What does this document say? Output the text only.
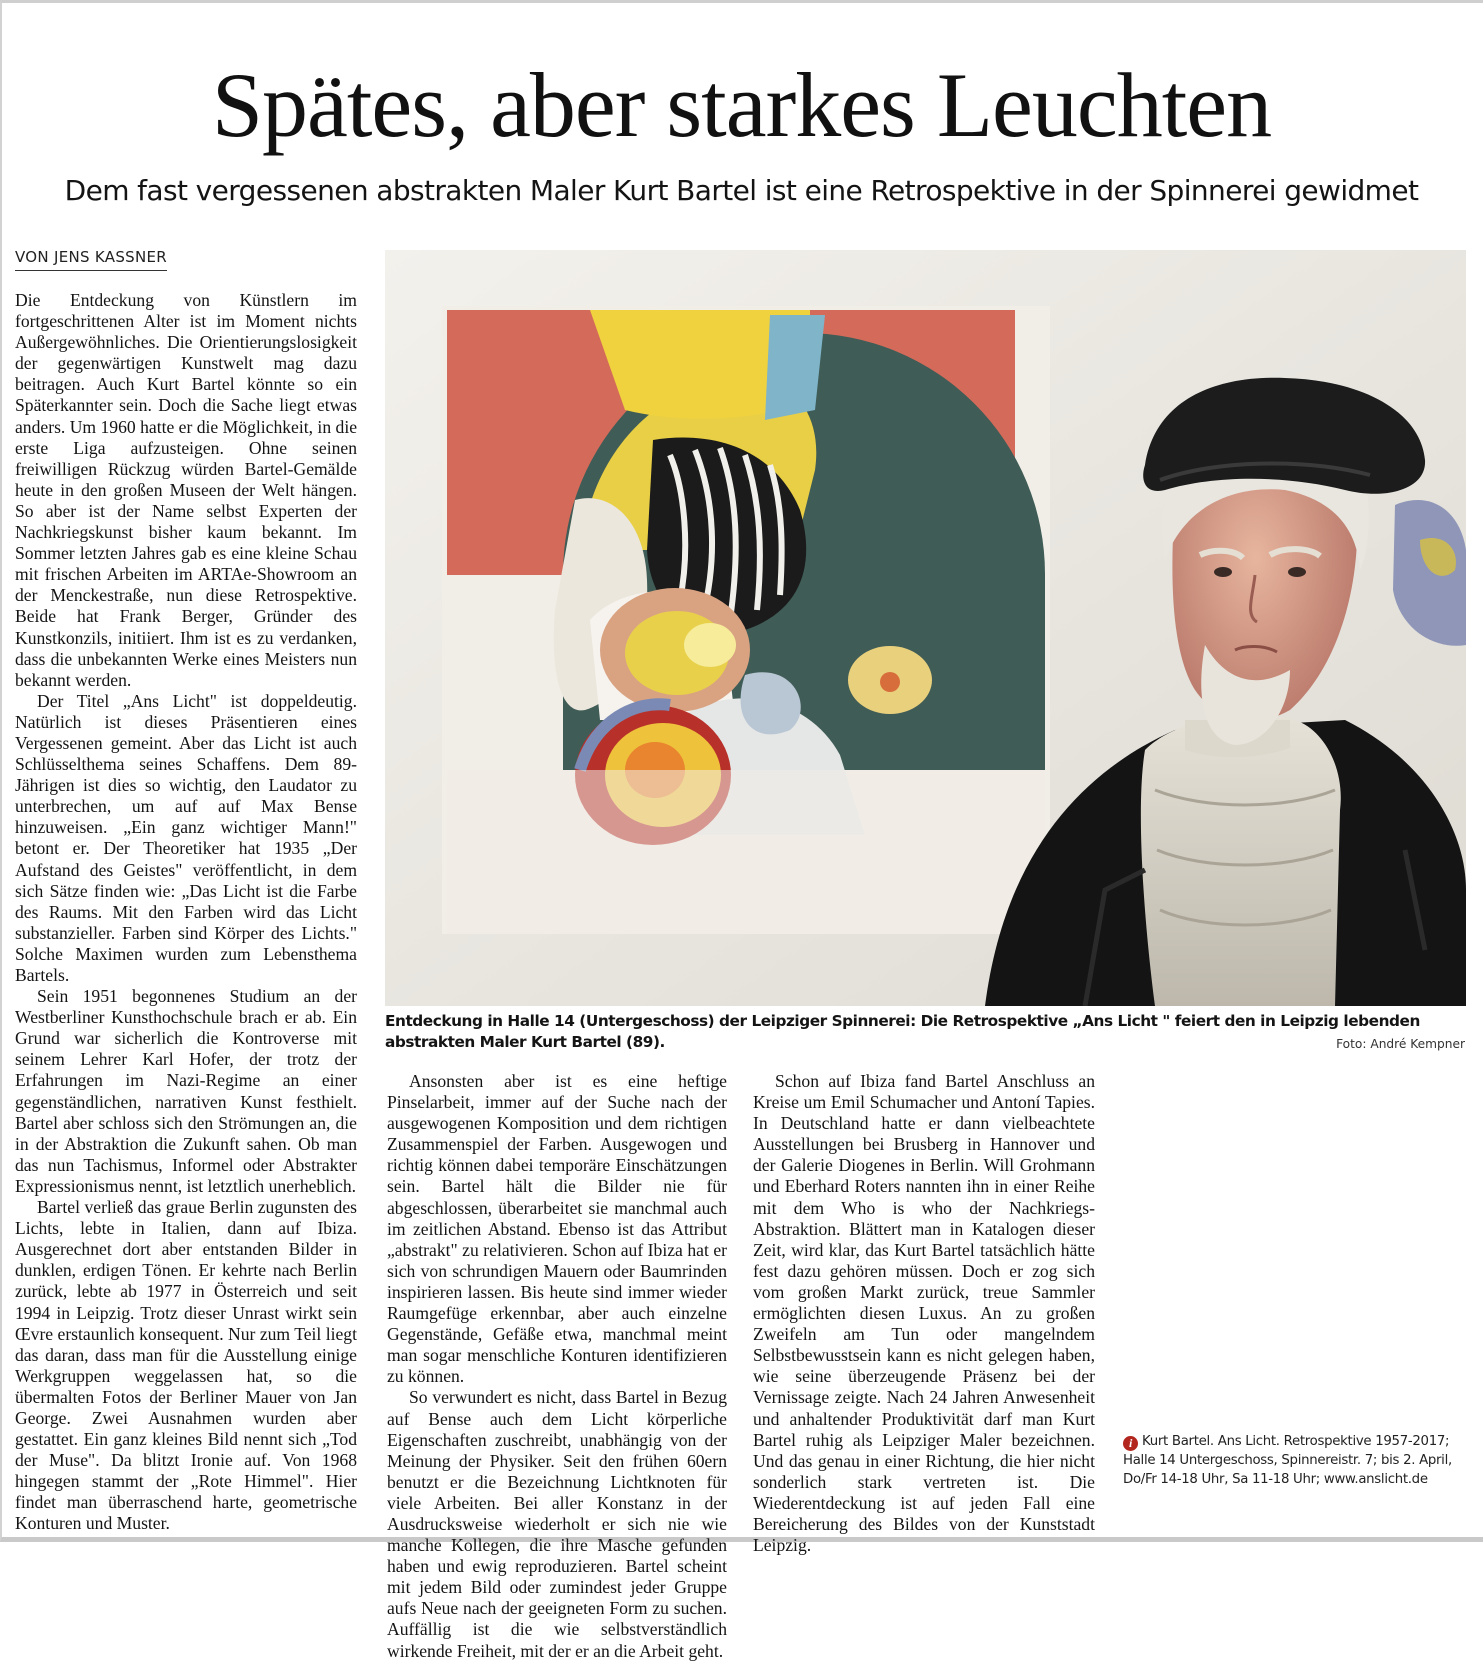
Spätes, aber starkes Leuchten
Dem fast vergessenen abstrakten Maler Kurt Bartel ist eine Retrospektive in der Spinnerei gewidmet
VON JENS KASSNER

Die Entdeckung von Künstlern im fortgeschrittenen Alter ist im Moment nichts Außergewöhnliches. Die Orientierungslosigkeit der gegenwärtigen Kunstwelt mag dazu beitragen. Auch Kurt Bartel könnte so ein Späterkannter sein. Doch die Sache liegt etwas anders. Um 1960 hatte er die Möglichkeit, in die erste Liga aufzusteigen. Ohne seinen freiwilligen Rückzug würden Bartel-Gemälde heute in den großen Museen der Welt hängen. So aber ist der Name selbst Experten der Nachkriegskunst bisher kaum bekannt. Im Sommer letzten Jahres gab es eine kleine Schau mit frischen Arbeiten im ARTAe-Showroom an der Menckestraße, nun diese Retrospektive. Beide hat Frank Berger, Gründer des Kunstkonzils, initiiert. Ihm ist es zu verdanken, dass die unbekannten Werke eines Meisters nun bekannt werden.

Der Titel „Ans Licht" ist doppeldeutig. Natürlich ist dieses Präsentieren eines Vergessenen gemeint. Aber das Licht ist auch Schlüsselthema seines Schaffens. Dem 89-Jährigen ist dies so wichtig, den Laudator zu unterbrechen, um auf auf Max Bense hinzuweisen. „Ein ganz wichtiger Mann!" betont er. Der Theoretiker hat 1935 „Der Aufstand des Geistes" veröffentlicht, in dem sich Sätze finden wie: „Das Licht ist die Farbe des Raums. Mit den Farben wird das Licht substanzieller. Farben sind Körper des Lichts." Solche Maximen wurden zum Lebensthema Bartels.

Sein 1951 begonnenes Studium an der Westberliner Kunsthochschule brach er ab. Ein Grund war sicherlich die Kontroverse mit seinem Lehrer Karl Hofer, der trotz der Erfahrungen im Nazi-Regime an einer gegenständlichen, narrativen Kunst festhielt. Bartel aber schloss sich den Strömungen an, die in der Abstraktion die Zukunft sahen. Ob man das nun Tachismus, Informel oder Abstrakter Expressionismus nennt, ist letztlich unerheblich.

Bartel verließ das graue Berlin zugunsten des Lichts, lebte in Italien, dann auf Ibiza. Ausgerechnet dort aber entstanden Bilder in dunklen, erdigen Tönen. Er kehrte nach Berlin zurück, lebte ab 1977 in Österreich und seit 1994 in Leipzig. Trotz dieser Unrast wirkt sein Œvre erstaunlich konsequent. Nur zum Teil liegt das daran, dass man für die Ausstellung einige Werkgruppen weggelassen hat, so die übermalten Fotos der Berliner Mauer von Jan George. Zwei Ausnahmen wurden aber gestattet. Ein ganz kleines Bild nennt sich „Tod der Muse". Da blitzt Ironie auf. Von 1968 hingegen stammt der „Rote Himmel". Hier findet man überraschend harte, geometrische Konturen und Muster.

Ansonsten aber ist es eine heftige Pinselarbeit, immer auf der Suche nach der ausgewogenen Komposition und dem richtigen Zusammenspiel der Farben. Ausgewogen und richtig können dabei temporäre Einschätzungen sein. Bartel hält die Bilder nie für abgeschlossen, überarbeitet sie manchmal auch im zeitlichen Abstand. Ebenso ist das Attribut „abstrakt" zu relativieren. Schon auf Ibiza hat er sich von schrundigen Mauern oder Baumrinden inspirieren lassen. Bis heute sind immer wieder Raumgefüge erkennbar, aber auch einzelne Gegenstände, Gefäße etwa, manchmal meint man sogar menschliche Konturen identifizieren zu können.

So verwundert es nicht, dass Bartel in Bezug auf Bense auch dem Licht körperliche Eigenschaften zuschreibt, unabhängig von der Meinung der Physiker. Seit den frühen 60ern benutzt er die Bezeichnung Lichtknoten für viele Arbeiten. Bei aller Konstanz in der Ausdrucksweise wiederholt er sich nie wie manche Kollegen, die ihre Masche gefunden haben und ewig reproduzieren. Bartel scheint mit jedem Bild oder zumindest jeder Gruppe aufs Neue nach der geeigneten Form zu suchen. Auffällig ist die wie selbstverständlich wirkende Freiheit, mit der er an die Arbeit geht.

Schon auf Ibiza fand Bartel Anschluss an Kreise um Emil Schumacher und Antoní Tapies. In Deutschland hatte er dann vielbeachtete Ausstellungen bei Brusberg in Hannover und der Galerie Diogenes in Berlin. Will Grohmann und Eberhard Roters nannten ihn in einer Reihe mit dem Who is who der Nachkriegs-Abstraktion. Blättert man in Katalogen dieser Zeit, wird klar, das Kurt Bartel tatsächlich hätte fest dazu gehören müssen. Doch er zog sich vom großen Markt zurück, treue Sammler ermöglichten diesen Luxus. An zu großen Zweifeln am Tun oder mangelndem Selbstbewusstsein kann es nicht gelegen haben, wie seine überzeugende Präsenz bei der Vernissage zeigte. Nach 24 Jahren Anwesenheit und anhaltender Produktivität darf man Kurt Bartel ruhig als Leipziger Maler bezeichnen. Und das genau in einer Richtung, die hier nicht sonderlich stark vertreten ist. Die Wiederentdeckung ist auf jeden Fall eine Bereicherung des Bildes von der Kunststadt Leipzig.

Entdeckung in Halle 14 (Untergeschoss) der Leipziger Spinnerei: Die Retrospektive „Ans Licht " feiert den in Leipzig lebenden abstrakten Maler Kurt Bartel (89).	Foto: André Kempner

i Kurt Bartel. Ans Licht. Retrospektive 1957-2017; Halle 14 Untergeschoss, Spinnereistr. 7; bis 2. April, Do/Fr 14-18 Uhr, Sa 11-18 Uhr; www.anslicht.de
